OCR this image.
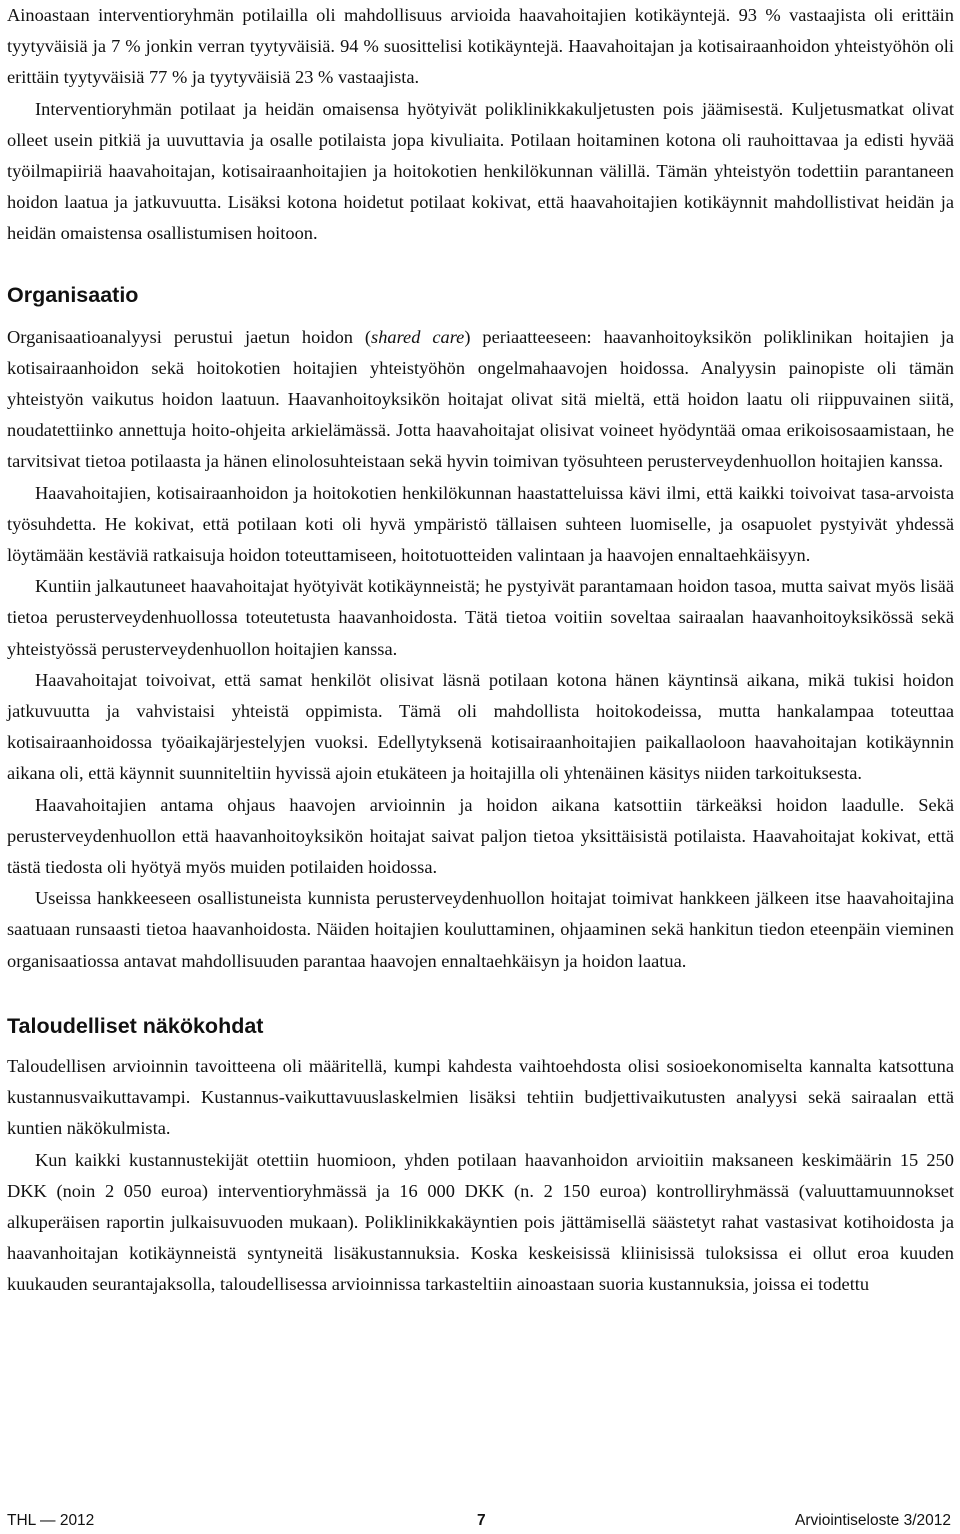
Ainoastaan interventioryhmän potilailla oli mahdollisuus arvioida haavahoitajien kotikäyntejä. 93 % vastaajista oli erittäin tyytyväisiä ja 7 % jonkin verran tyytyväisiä. 94 % suosittelisi kotikäyntejä. Haavahoitajan ja kotisairaanhoidon yhteistyöhön oli erittäin tyytyväisiä 77 % ja tyytyväisiä 23 % vastaajista.

Interventioryhmän potilaat ja heidän omaisensa hyötyivät poliklinikkakuljetusten pois jäämisestä. Kuljetusmatkat olivat olleet usein pitkiä ja uuvuttavia ja osalle potilaista jopa kivuliaita. Potilaan hoitaminen kotona oli rauhoittavaa ja edisti hyvää työilmapiiriä haavahoitajan, kotisairaanhoitajien ja hoitokotien henkilökunnan välillä. Tämän yhteistyön todettiin parantaneen hoidon laatua ja jatkuvuutta. Lisäksi kotona hoidetut potilaat kokivat, että haavahoitajien kotikäynnit mahdollistivat heidän ja heidän omaistensa osallistumisen hoitoon.

Organisaatio

Organisaatioanalyysi perustui jaetun hoidon (shared care) periaatteeseen: haavanhoitoyksikön poliklinikan hoitajien ja kotisairaanhoidon sekä hoitokotien hoitajien yhteistyöhön ongelmahaavojen hoidossa. Analyysin painopiste oli tämän yhteistyön vaikutus hoidon laatuun. Haavanhoitoyksikön hoitajat olivat sitä mieltä, että hoidon laatu oli riippuvainen siitä, noudatettiinko annettuja hoito-ohjeita arkielämässä. Jotta haavahoitajat olisivat voineet hyödyntää omaa erikoisosaamistaan, he tarvitsivat tietoa potilaasta ja hänen elinolosuhteistaan sekä hyvin toimivan työsuhteen perusterveydenhuollon hoitajien kanssa.

Haavahoitajien, kotisairaanhoidon ja hoitokotien henkilökunnan haastatteluissa kävi ilmi, että kaikki toivoivat tasa-arvoista työsuhdetta. He kokivat, että potilaan koti oli hyvä ympäristö tällaisen suhteen luomiselle, ja osapuolet pystyivät yhdessä löytämään kestäviä ratkaisuja hoidon toteuttamiseen, hoitotuotteiden valintaan ja haavojen ennaltaehkäisyyn.

Kuntiin jalkautuneet haavahoitajat hyötyivät kotikäynneistä; he pystyivät parantamaan hoidon tasoa, mutta saivat myös lisää tietoa perusterveydenhuollossa toteutetusta haavanhoidosta. Tätä tietoa voitiin soveltaa sairaalan haavanhoitoyksikössä sekä yhteistyössä perusterveydenhuollon hoitajien kanssa.

Haavahoitajat toivoivat, että samat henkilöt olisivat läsnä potilaan kotona hänen käyntinsä aikana, mikä tukisi hoidon jatkuvuutta ja vahvistaisi yhteistä oppimista. Tämä oli mahdollista hoitokodeissa, mutta hankalampaa toteuttaa kotisairaanhoidossa työaikajärjestelyjen vuoksi. Edellytyksenä kotisairaanhoitajien paikallaoloon haavahoitajan kotikäynnin aikana oli, että käynnit suunniteltiin hyvissä ajoin etukäteen ja hoitajilla oli yhtenäinen käsitys niiden tarkoituksesta.

Haavahoitajien antama ohjaus haavojen arvioinnin ja hoidon aikana katsottiin tärkeäksi hoidon laadulle. Sekä perusterveydenhuollon että haavanhoitoyksikön hoitajat saivat paljon tietoa yksittäisistä potilaista. Haavahoitajat kokivat, että tästä tiedosta oli hyötyä myös muiden potilaiden hoidossa.

Useissa hankkeeseen osallistuneista kunnista perusterveydenhuollon hoitajat toimivat hankkeen jälkeen itse haavahoitajina saatuaan runsaasti tietoa haavanhoidosta. Näiden hoitajien kouluttaminen, ohjaaminen sekä hankitun tiedon eteenpäin vieminen organisaatiossa antavat mahdollisuuden parantaa haavojen ennaltaehkäisyn ja hoidon laatua.

Taloudelliset näkökohdat

Taloudellisen arvioinnin tavoitteena oli määritellä, kumpi kahdesta vaihtoehdosta olisi sosioekonomiselta kannalta katsottuna kustannusvaikuttavampi. Kustannus-vaikuttavuuslaskelmien lisäksi tehtiin budjettivaikutusten analyysi sekä sairaalan että kuntien näkökulmista.

Kun kaikki kustannustekijät otettiin huomioon, yhden potilaan haavanhoidon arvioitiin maksaneen keskimäärin 15 250 DKK (noin 2 050 euroa) interventioryhmässä ja 16 000 DKK (n. 2 150 euroa) kontrolliryhmässä (valuuttamuunnokset alkuperäisen raportin julkaisuvuoden mukaan). Poliklinikkakäyntien pois jättämisellä säästetyt rahat vastasivat kotihoidosta ja haavanhoitajan kotikäynneistä syntyneitä lisäkustannuksia. Koska keskeisissä kliinisissä tuloksissa ei ollut eroa kuuden kuukauden seurantajaksolla, taloudellisessa arvioinnissa tarkasteltiin ainoastaan suoria kustannuksia, joissa ei todettu

THL — 2012	7	Arviointiseloste 3/2012
